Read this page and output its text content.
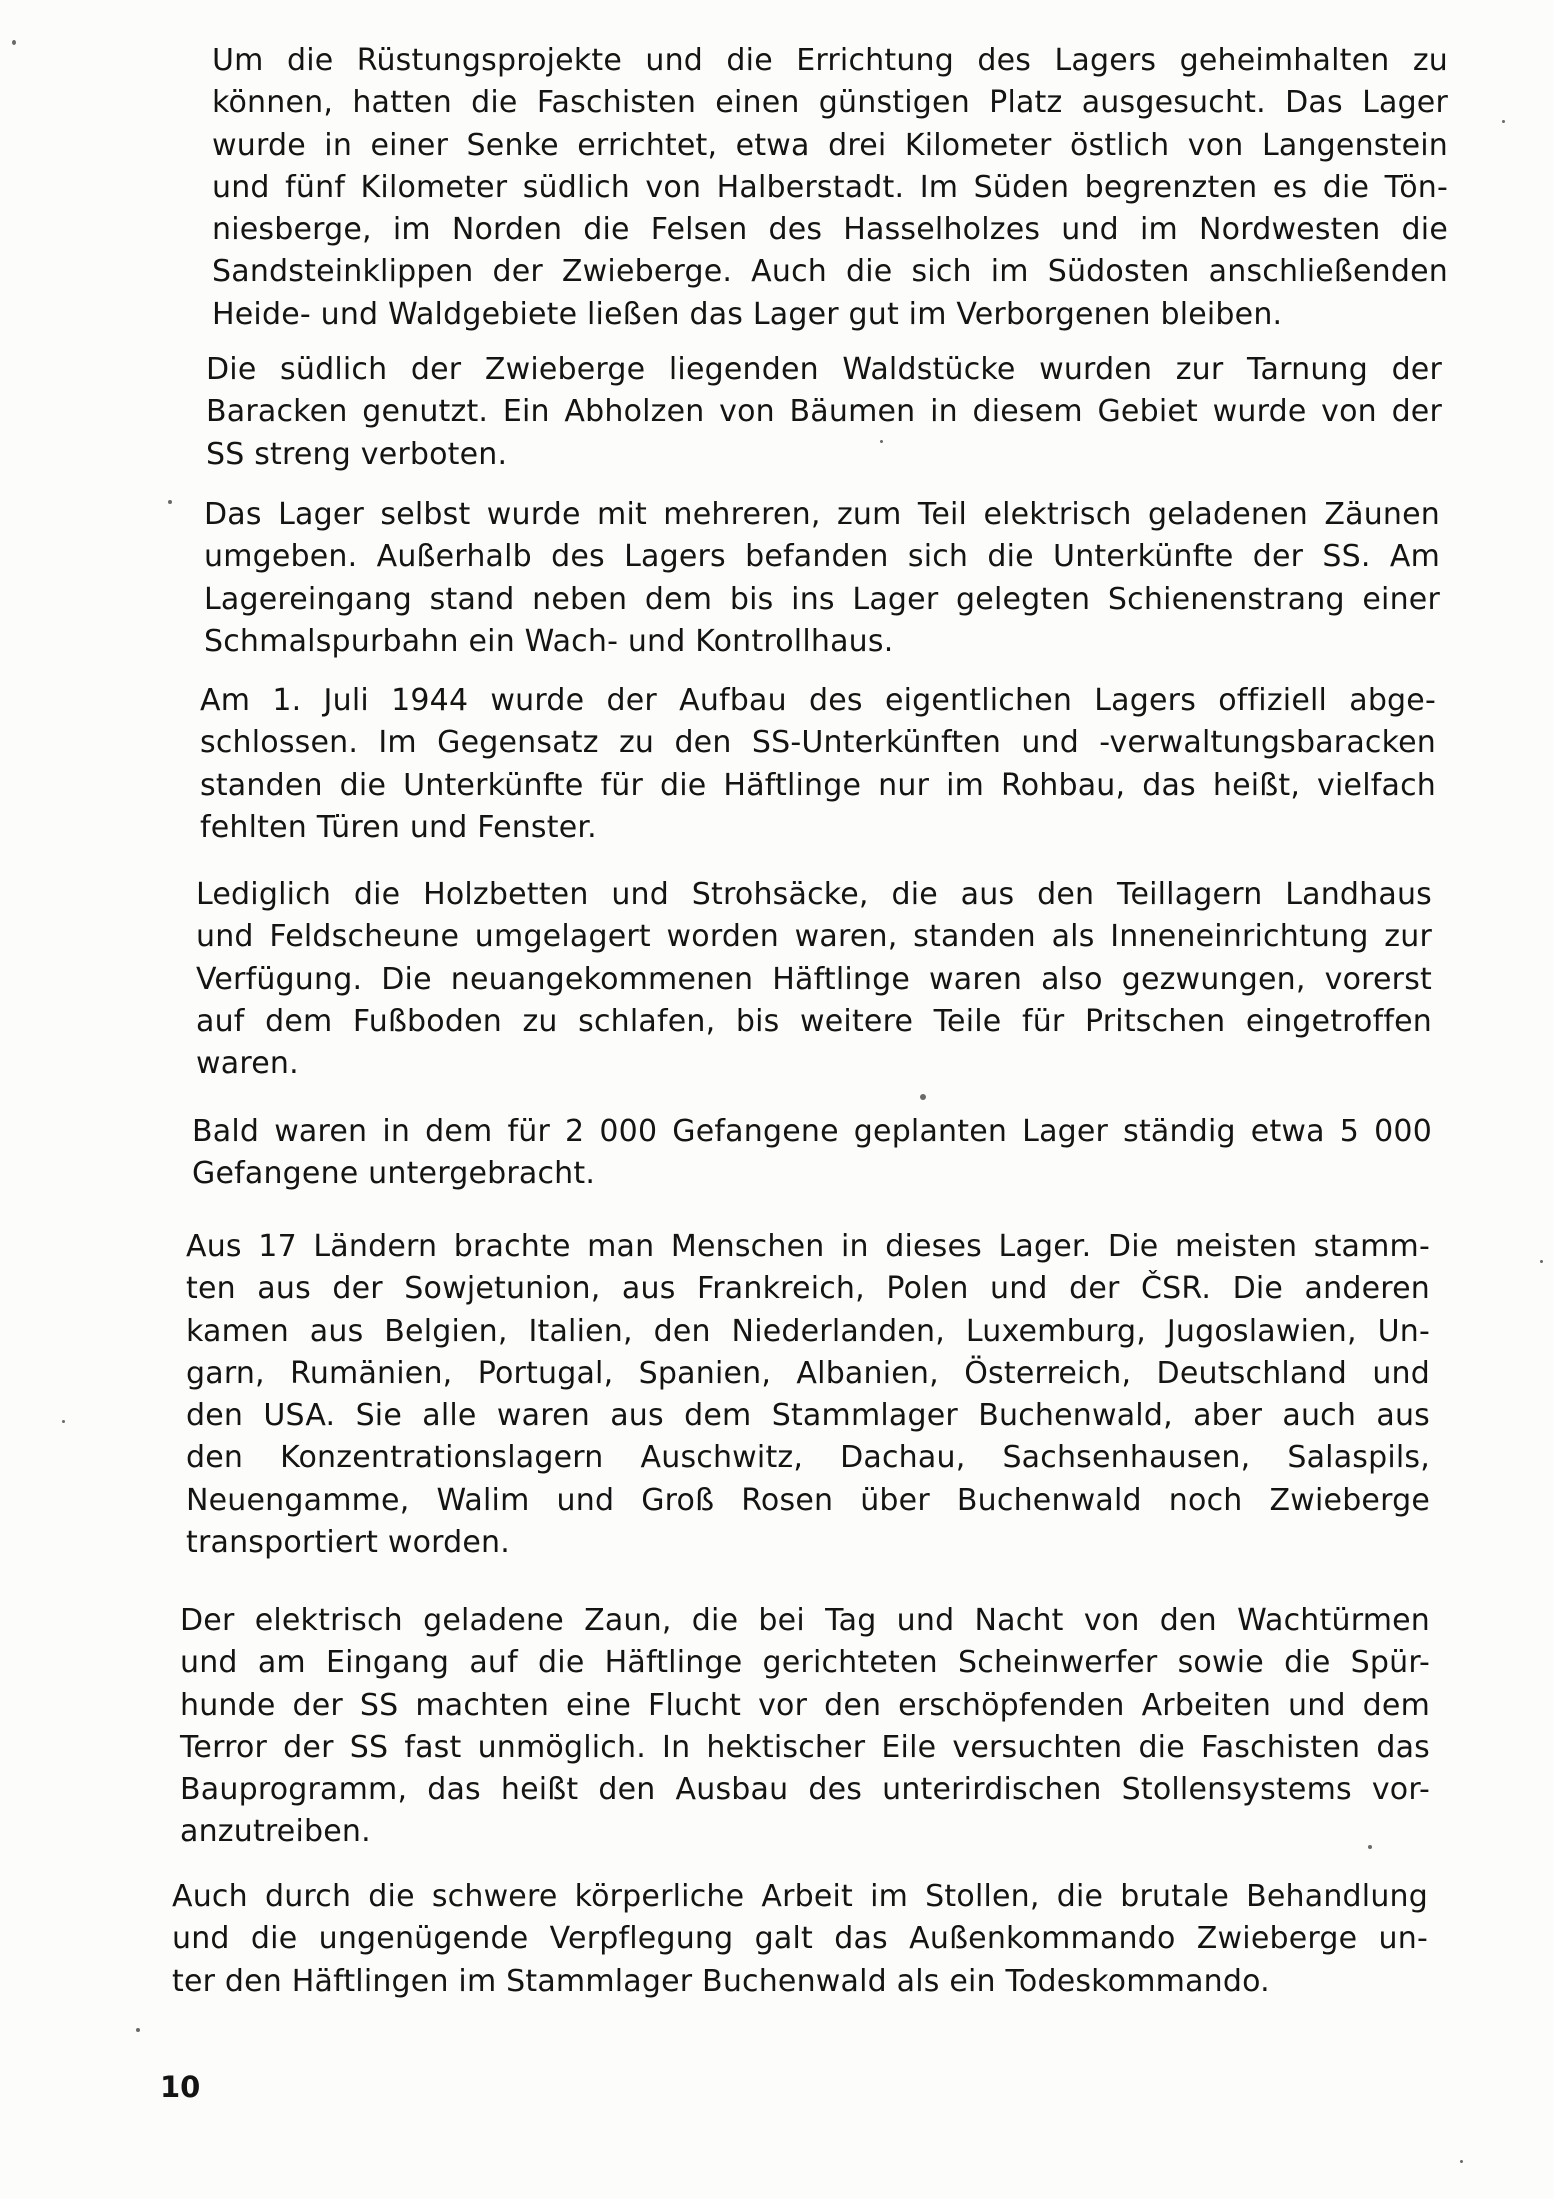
Um die Rüstungsprojekte und die Errichtung des Lagers geheimhalten zu
können, hatten die Faschisten einen günstigen Platz ausgesucht. Das Lager
wurde in einer Senke errichtet, etwa drei Kilometer östlich von Langenstein
und fünf Kilometer südlich von Halberstadt. Im Süden begrenzten es die Tön-
niesberge, im Norden die Felsen des Hasselholzes und im Nordwesten die
Sandsteinklippen der Zwieberge. Auch die sich im Südosten anschließenden
Heide- und Waldgebiete ließen das Lager gut im Verborgenen bleiben.

Die südlich der Zwieberge liegenden Waldstücke wurden zur Tarnung der
Baracken genutzt. Ein Abholzen von Bäumen in diesem Gebiet wurde von der
SS streng verboten.

Das Lager selbst wurde mit mehreren, zum Teil elektrisch geladenen Zäunen
umgeben. Außerhalb des Lagers befanden sich die Unterkünfte der SS. Am
Lagereingang stand neben dem bis ins Lager gelegten Schienenstrang einer
Schmalspurbahn ein Wach- und Kontrollhaus.

Am 1. Juli 1944 wurde der Aufbau des eigentlichen Lagers offiziell abge-
schlossen. Im Gegensatz zu den SS-Unterkünften und -verwaltungsbaracken
standen die Unterkünfte für die Häftlinge nur im Rohbau, das heißt, vielfach
fehlten Türen und Fenster.

Lediglich die Holzbetten und Strohsäcke, die aus den Teillagern Landhaus
und Feldscheune umgelagert worden waren, standen als Inneneinrichtung zur
Verfügung. Die neuangekommenen Häftlinge waren also gezwungen, vorerst
auf dem Fußboden zu schlafen, bis weitere Teile für Pritschen eingetroffen
waren.

Bald waren in dem für 2 000 Gefangene geplanten Lager ständig etwa 5 000
Gefangene untergebracht.

Aus 17 Ländern brachte man Menschen in dieses Lager. Die meisten stamm-
ten aus der Sowjetunion, aus Frankreich, Polen und der ČSR. Die anderen
kamen aus Belgien, Italien, den Niederlanden, Luxemburg, Jugoslawien, Un-
garn, Rumänien, Portugal, Spanien, Albanien, Österreich, Deutschland und
den USA. Sie alle waren aus dem Stammlager Buchenwald, aber auch aus
den Konzentrationslagern Auschwitz, Dachau, Sachsenhausen, Salaspils,
Neuengamme, Walim und Groß Rosen über Buchenwald noch Zwieberge
transportiert worden.

Der elektrisch geladene Zaun, die bei Tag und Nacht von den Wachtürmen
und am Eingang auf die Häftlinge gerichteten Scheinwerfer sowie die Spür-
hunde der SS machten eine Flucht vor den erschöpfenden Arbeiten und dem
Terror der SS fast unmöglich. In hektischer Eile versuchten die Faschisten das
Bauprogramm, das heißt den Ausbau des unterirdischen Stollensystems vor-
anzutreiben.

Auch durch die schwere körperliche Arbeit im Stollen, die brutale Behandlung
und die ungenügende Verpflegung galt das Außenkommando Zwieberge un-
ter den Häftlingen im Stammlager Buchenwald als ein Todeskommando.

10
